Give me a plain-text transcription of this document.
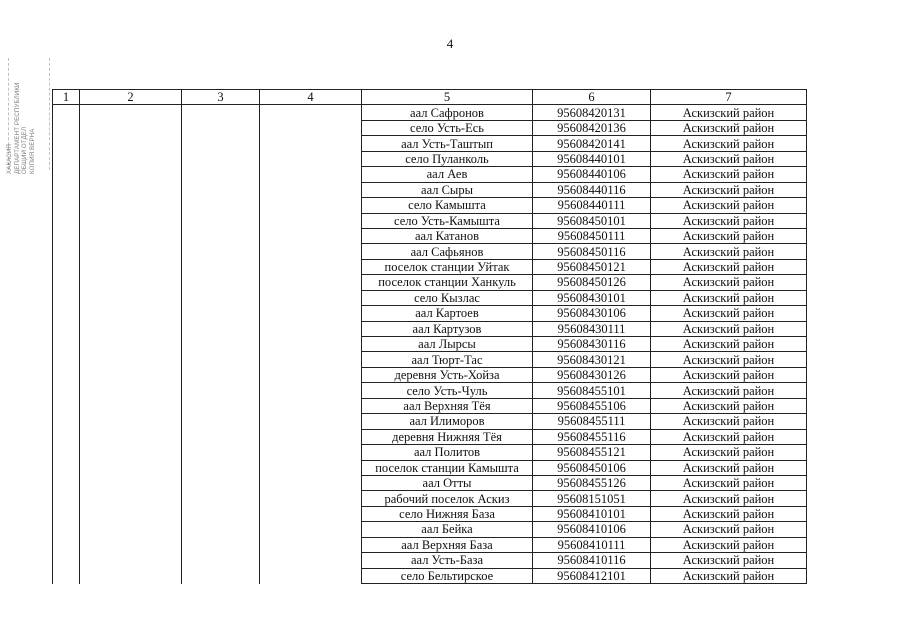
4
ХАКАСИЯ ДЕПАРТАМЕНТ РЕСПУБЛИКИ ОБЩИЙ ОТДЕЛ КОПИЯ ВЕРНА
1	2	3	4	5	6	7
				аал Сафронов	95608420131	Аскизский район
				село Усть-Есь	95608420136	Аскизский район
				аал Усть-Таштып	95608420141	Аскизский район
				село Пуланколь	95608440101	Аскизский район
				аал Аев	95608440106	Аскизский район
				аал Сыры	95608440116	Аскизский район
				село Камышта	95608440111	Аскизский район
				село Усть-Камышта	95608450101	Аскизский район
				аал Катанов	95608450111	Аскизский район
				аал Сафьянов	95608450116	Аскизский район
				поселок станции Уйтак	95608450121	Аскизский район
				поселок станции Ханкуль	95608450126	Аскизский район
				село Кызлас	95608430101	Аскизский район
				аал Картоев	95608430106	Аскизский район
				аал Картузов	95608430111	Аскизский район
				аал Лырсы	95608430116	Аскизский район
				аал Тюрт-Тас	95608430121	Аскизский район
				деревня Усть-Хойза	95608430126	Аскизский район
				село Усть-Чуль	95608455101	Аскизский район
				аал Верхняя Тёя	95608455106	Аскизский район
				аал Илиморов	95608455111	Аскизский район
				деревня Нижняя Тёя	95608455116	Аскизский район
				аал Политов	95608455121	Аскизский район
				поселок станции Камышта	95608450106	Аскизский район
				аал Отты	95608455126	Аскизский район
				рабочий поселок Аскиз	95608151051	Аскизский район
				село Нижняя База	95608410101	Аскизский район
				аал Бейка	95608410106	Аскизский район
				аал Верхняя База	95608410111	Аскизский район
				аал Усть-База	95608410116	Аскизский район
				село Бельтирское	95608412101	Аскизский район
